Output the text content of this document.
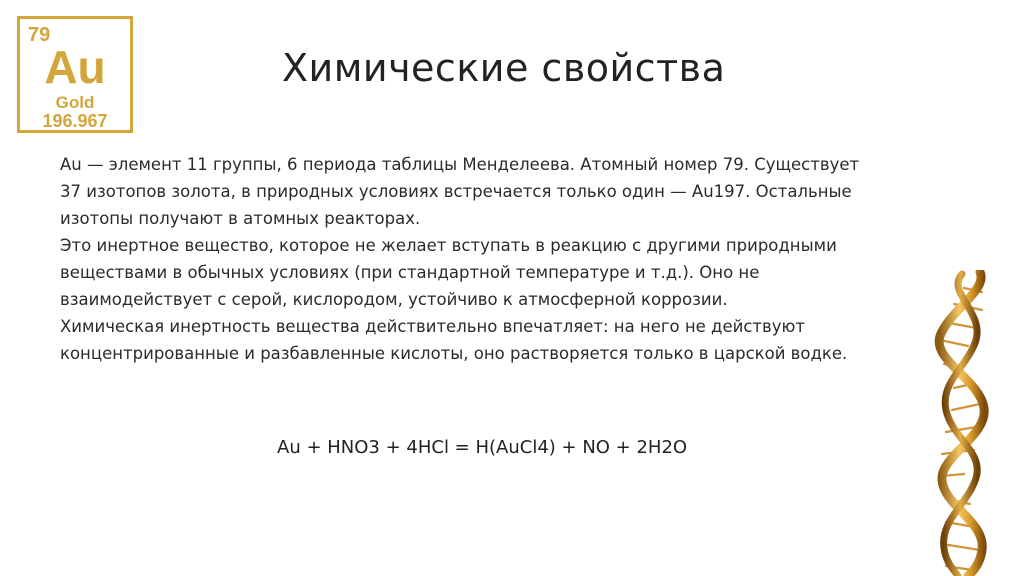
79
Au
Gold
196.967
Химические свойства

Au — элемент 11 группы, 6 периода таблицы Менделеева. Атомный номер 79. Существует 37 изотопов золота, в природных условиях встречается только один — Au197. Остальные изотопы получают в атомных реакторах.

Это инертное вещество, которое не желает вступать в реакцию с другими природными веществами в обычных условиях (при стандартной температуре и т.д.). Оно не взаимодействует с серой, кислородом, устойчиво к атмосферной коррозии.

Химическая инертность вещества действительно впечатляет: на него не действуют концентрированные и разбавленные кислоты, оно растворяется только в царской водке.

Au + HNO3 + 4HCl = H(AuCl4) + NO + 2H2O
